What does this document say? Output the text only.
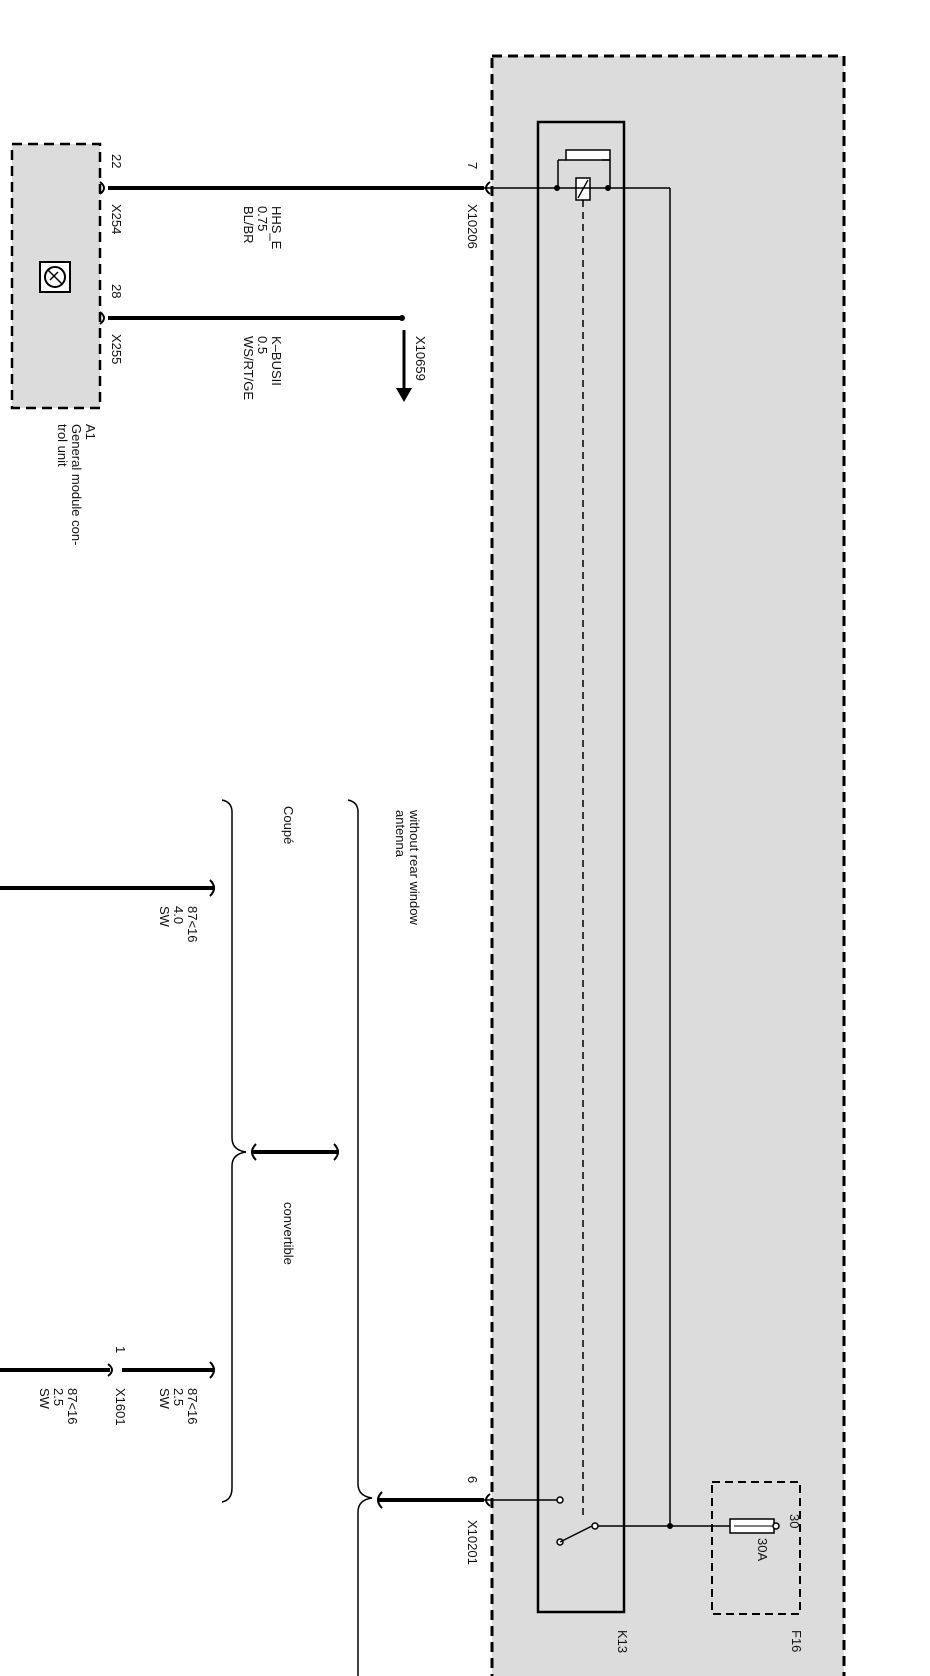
22
28
7
6
1
X254
X255
X10206
X10659
X10201
X1601
HHS_E
0.75
BL/BR
K–BUSII
0.5
WS/RT/GE
87<16
4.0
SW
87<16
2.5
SW
87<16
2.5
SW
A1
General module con-
trol unit
without rear window
antenna
Coupé
convertible
K13	F16
30
30A
